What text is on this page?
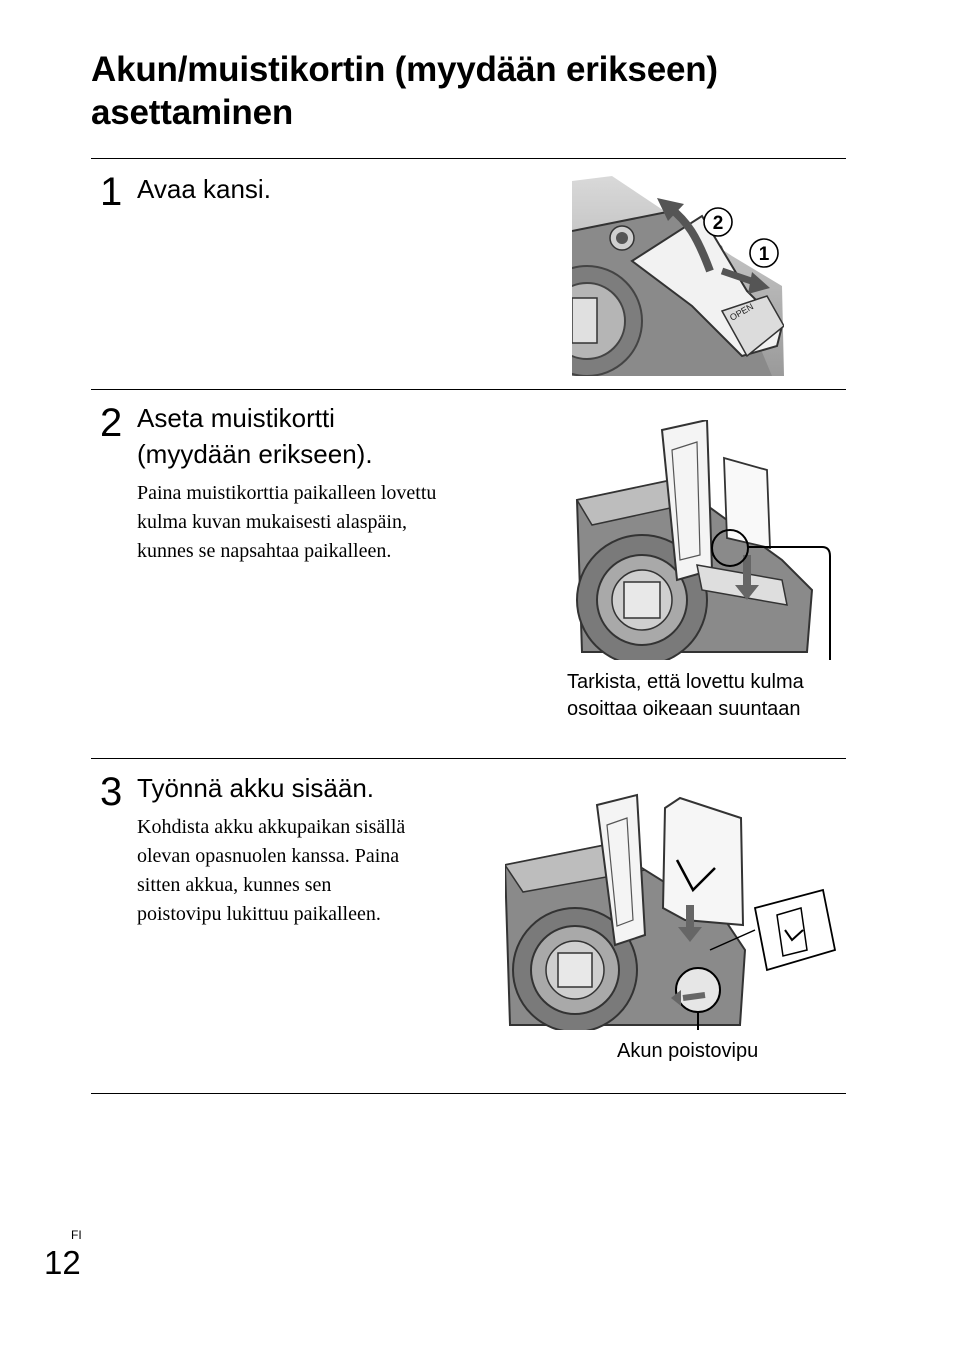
Akun/muistikortin (myydään erikseen) asettaminen
1 Avaa kansi.
OPEN
2
1
2 Aseta muistikortti
(myydään erikseen).
Paina muistikorttia paikalleen lovettu
kulma kuvan mukaisesti alaspäin,
kunnes se napsahtaa paikalleen.
Tarkista, että lovettu kulma
osoittaa oikeaan suuntaan
3 Työnnä akku sisään.
Kohdista akku akkupaikan sisällä
olevan opasnuolen kanssa. Paina
sitten akkua, kunnes sen
poistovipu lukittuu paikalleen.
Akun poistovipu
FI
12
